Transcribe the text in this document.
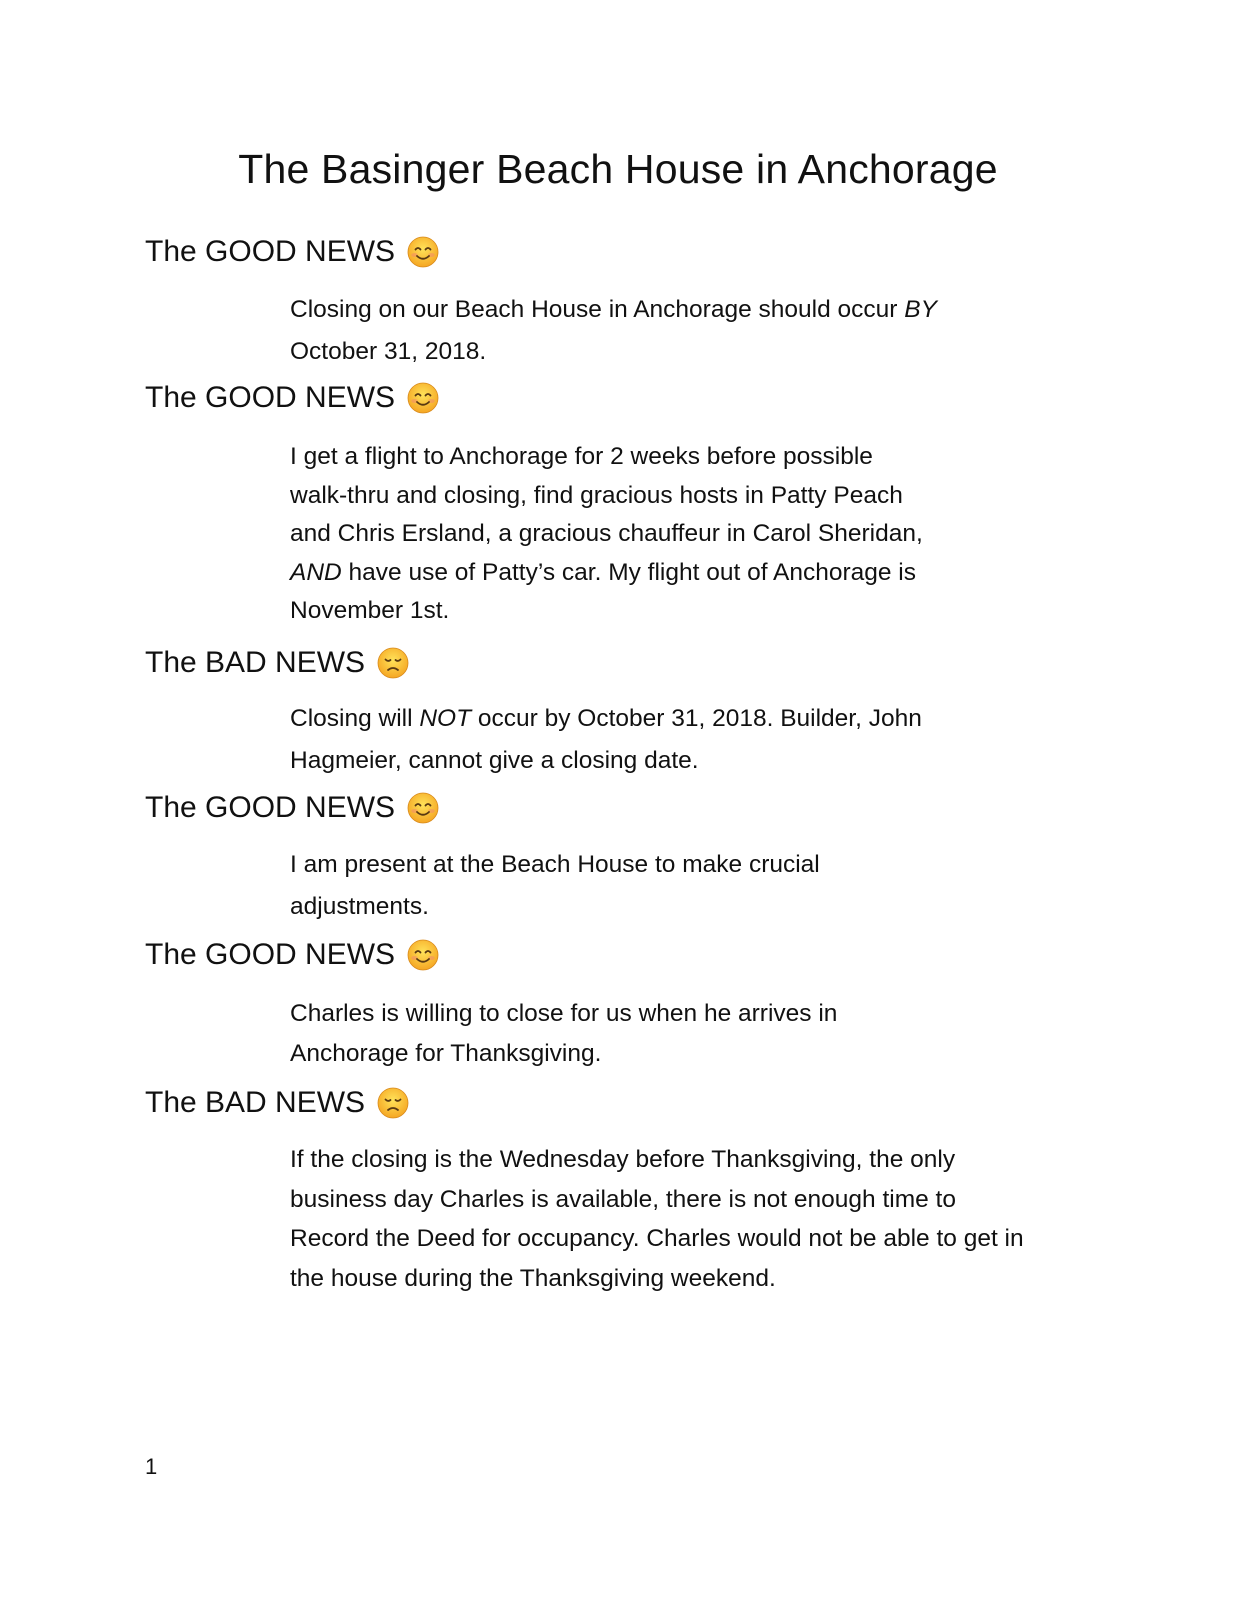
The Basinger Beach House in Anchorage
The GOOD NEWS

Closing on our Beach House in Anchorage should occur BY
October 31, 2018.

The GOOD NEWS

I get a flight to Anchorage for 2 weeks before possible
walk-thru and closing, find gracious hosts in Patty Peach
and Chris Ersland, a gracious chauffeur in Carol Sheridan,
AND have use of Patty’s car. My flight out of Anchorage is
November 1st.

The BAD NEWS

Closing will NOT occur by October 31, 2018. Builder, John
Hagmeier, cannot give a closing date.

The GOOD NEWS

I am present at the Beach House to make crucial
adjustments.

The GOOD NEWS

Charles is willing to close for us when he arrives in
Anchorage for Thanksgiving.

The BAD NEWS

If the closing is the Wednesday before Thanksgiving, the only
business day Charles is available, there is not enough time to
Record the Deed for occupancy. Charles would not be able to get in
the house during the Thanksgiving weekend.

1
